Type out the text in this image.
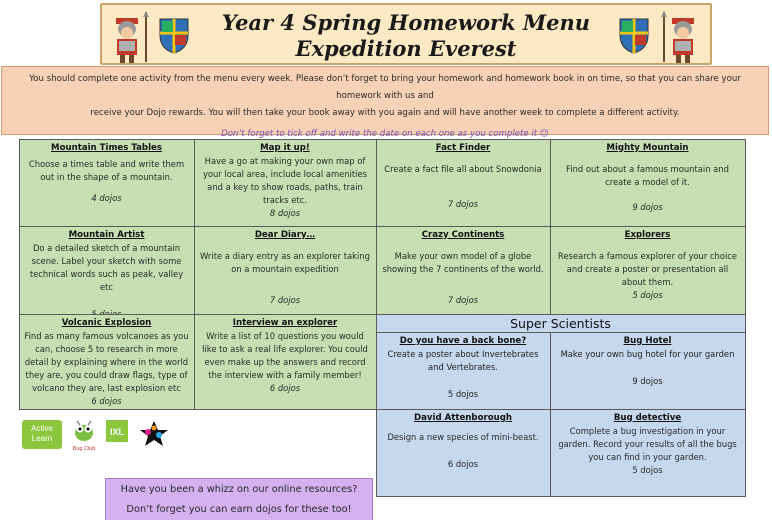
Year 4 Spring Homework Menu
Expedition Everest
You should complete one activity from the menu every week. Please don’t forget to bring your homework and homework book in on time, so that you can share your homework with us and
receive your Dojo rewards. You will then take your book away with you again and will have another week to complete a different activity.
Don’t forget to tick off and write the date on each one as you complete it ☺
Mountain Times Tables
Choose a times table and write them out in the shape of a mountain.
4 dojos
Map it up!
Have a go at making your own map of your local area, include local amenities and a key to show roads, paths, train tracks etc.
8 dojos
Fact Finder
Create a fact file all about Snowdonia
7 dojos
Mighty Mountain
Find out about a famous mountain and create a model of it.
9 dojos
Mountain Artist
Do a detailed sketch of a mountain scene. Label your sketch with some technical words such as peak, valley etc
Dear Diary…
Write a diary entry as an explorer taking on a mountain expedition
7 dojos
Crazy Continents
Make your own model of a globe showing the 7 continents of the world.
7 dojos
Explorers
Research a famous explorer of your choice and create a poster or presentation all about them.
5 dojos
Volcanic Explosion
Find as many famous volcanoes as you can, choose 5 to research in more detail by explaining where in the world they are, you could draw flags, type of volcano they are, last explosion etc
6 dojos
Interview an explorer
Write a list of 10 questions you would like to ask a real life explorer. You could even make up the answers and record the interview with a family member!
6 dojos
Super Scientists
Do you have a back bone?
Create a poster about Invertebrates and Vertebrates.
5 dojos
Bug Hotel
Make your own bug hotel for your garden
9 dojos
David Attenborough
Design a new species of mini-beast.
6 dojos
Bug detective
Complete a bug investigation in your garden. Record your results of all the bugs you can find in your garden.
5 dojos
Active
Learn
Bug Club
IXL
Have you been a whizz on our online resources?
Don’t forget you can earn dojos for these too!
